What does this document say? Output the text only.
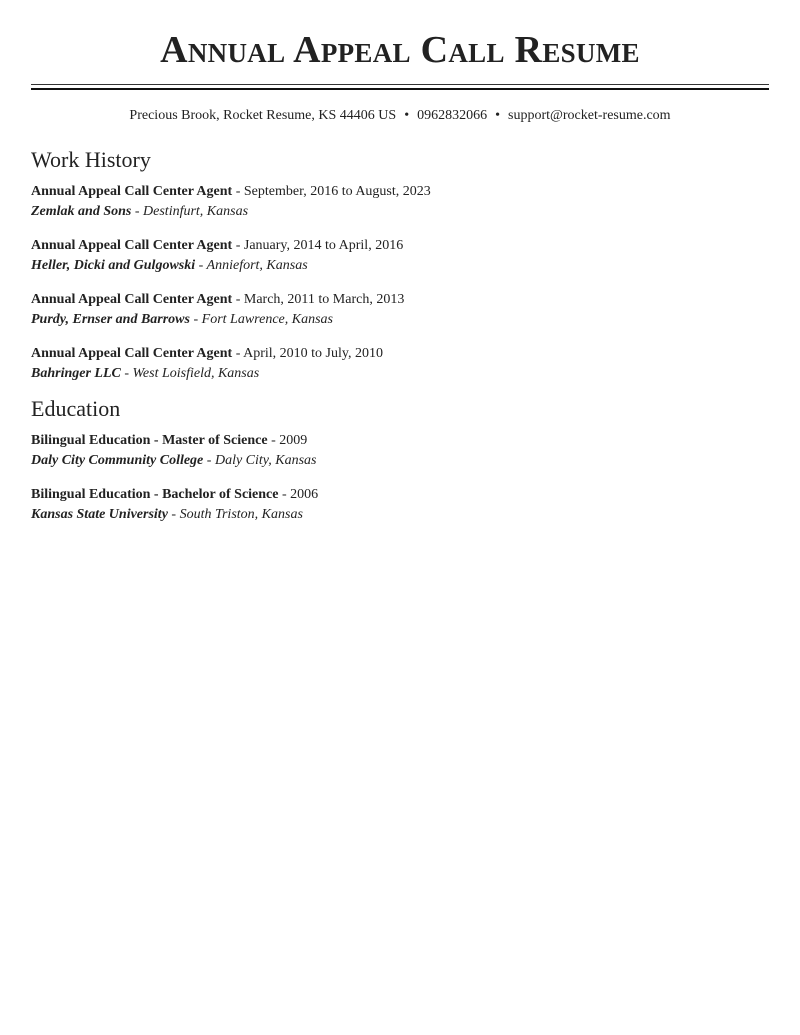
Annual Appeal Call Resume
Precious Brook, Rocket Resume, KS 44406 US • 0962832066 • support@rocket-resume.com
Work History
Annual Appeal Call Center Agent - September, 2016 to August, 2023
Zemlak and Sons - Destinfurt, Kansas
Annual Appeal Call Center Agent - January, 2014 to April, 2016
Heller, Dicki and Gulgowski - Anniefort, Kansas
Annual Appeal Call Center Agent - March, 2011 to March, 2013
Purdy, Ernser and Barrows - Fort Lawrence, Kansas
Annual Appeal Call Center Agent - April, 2010 to July, 2010
Bahringer LLC - West Loisfield, Kansas
Education
Bilingual Education - Master of Science - 2009
Daly City Community College - Daly City, Kansas
Bilingual Education - Bachelor of Science - 2006
Kansas State University - South Triston, Kansas
